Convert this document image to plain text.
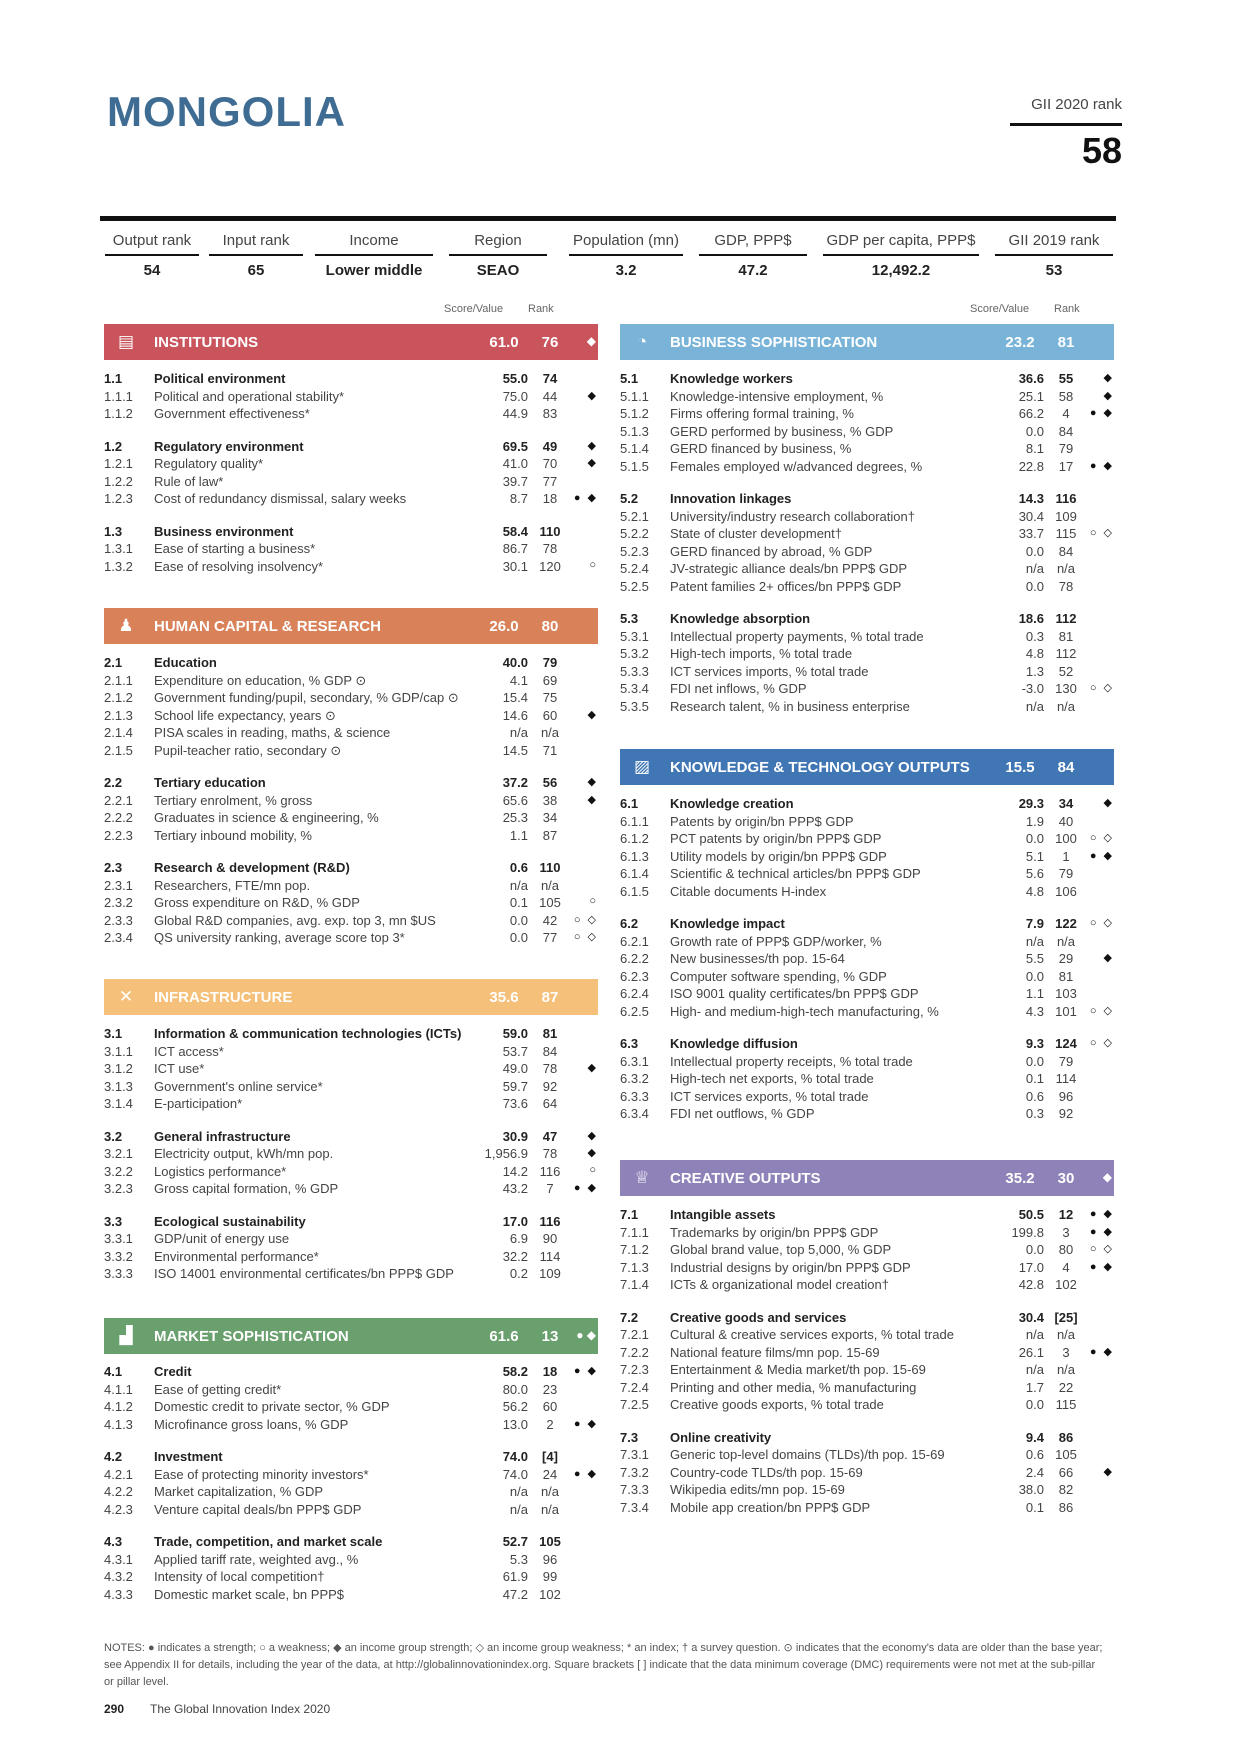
MONGOLIA	GII 2020 rank
58
Output rank
54
Input rank
65
Income
Lower middle
Region
SEAO
Population (mn)
3.2
GDP, PPP$
47.2
GDP per capita, PPP$
12,492.2
GII 2019 rank
53
Score/Value Rank	Score/Value Rank
▤ INSTITUTIONS	61.0	76	◆
1.1	Political environment	55.0	74
1.1.1	Political and operational stability*	75.0	44	◆
1.1.2	Government effectiveness*	44.9	83
1.2	Regulatory environment	69.5	49	◆
1.2.1	Regulatory quality*	41.0	70	◆
1.2.2	Rule of law*	39.7	77
1.2.3	Cost of redundancy dismissal, salary weeks	8.7	18	● ◆
1.3	Business environment	58.4 110
1.3.1	Ease of starting a business*	86.7	78
1.3.2	Ease of resolving insolvency*	30.1 120	○
♟ HUMAN CAPITAL & RESEARCH	26.0	80
2.1	Education	40.0	79
2.1.1	Expenditure on education, % GDP ⊙	4.1	69
2.1.2	Government funding/pupil, secondary, % GDP/cap ⊙	15.4	75
2.1.3	School life expectancy, years ⊙	14.6	60	◆
2.1.4	PISA scales in reading, maths, & science	n/a n/a
2.1.5	Pupil-teacher ratio, secondary ⊙	14.5	71
2.2	Tertiary education	37.2	56	◆
2.2.1	Tertiary enrolment, % gross	65.6	38	◆
2.2.2	Graduates in science & engineering, %	25.3	34
2.2.3	Tertiary inbound mobility, %	1.1	87
2.3	Research & development (R&D)	0.6 110
2.3.1	Researchers, FTE/mn pop.	n/a n/a
2.3.2	Gross expenditure on R&D, % GDP	0.1 105	○
2.3.3	Global R&D companies, avg. exp. top 3, mn $US	0.0	42	○ ◇
2.3.4	QS university ranking, average score top 3*	0.0	77	○ ◇
✕ INFRASTRUCTURE	35.6	87
3.1	Information & communication technologies (ICTs)	59.0	81
3.1.1	ICT access*	53.7	84
3.1.2	ICT use*	49.0	78	◆
3.1.3	Government's online service*	59.7	92
3.1.4	E-participation*	73.6	64
3.2	General infrastructure	30.9	47	◆
3.2.1	Electricity output, kWh/mn pop.	1,956.9	78	◆
3.2.2	Logistics performance*	14.2 116	○
3.2.3	Gross capital formation, % GDP	43.2	7	● ◆
3.3	Ecological sustainability	17.0 116
3.3.1	GDP/unit of energy use	6.9	90
3.3.2	Environmental performance*	32.2 114
3.3.3	ISO 14001 environmental certificates/bn PPP$ GDP	0.2 109
▟ MARKET SOPHISTICATION	61.6	13	● ◆
4.1	Credit	58.2	18	● ◆
4.1.1	Ease of getting credit*	80.0	23
4.1.2	Domestic credit to private sector, % GDP	56.2	60
4.1.3	Microfinance gross loans, % GDP	13.0	2	● ◆
4.2	Investment	74.0	[4]
4.2.1	Ease of protecting minority investors*	74.0	24	● ◆
4.2.2	Market capitalization, % GDP	n/a n/a
4.2.3	Venture capital deals/bn PPP$ GDP	n/a n/a
4.3	Trade, competition, and market scale	52.7 105
4.3.1	Applied tariff rate, weighted avg., %	5.3	96
4.3.2	Intensity of local competition†	61.9	99
4.3.3	Domestic market scale, bn PPP$	47.2 102
◔	BUSINESS SOPHISTICATION	23.2	81
5.1	Knowledge workers	36.6	55	◆
5.1.1	Knowledge-intensive employment, %	25.1	58	◆
5.1.2	Firms offering formal training, %	66.2	4	● ◆
5.1.3	GERD performed by business, % GDP	0.0	84
5.1.4	GERD financed by business, %	8.1	79
5.1.5	Females employed w/advanced degrees, %	22.8	17	● ◆
5.2	Innovation linkages	14.3 116
5.2.1	University/industry research collaboration†	30.4 109
5.2.2	State of cluster development†	33.7 115	○ ◇
5.2.3	GERD financed by abroad, % GDP	0.0	84
5.2.4	JV-strategic alliance deals/bn PPP$ GDP	n/a n/a
5.2.5	Patent families 2+ offices/bn PPP$ GDP	0.0	78
5.3	Knowledge absorption	18.6 112
5.3.1	Intellectual property payments, % total trade	0.3	81
5.3.2	High-tech imports, % total trade	4.8 112
5.3.3	ICT services imports, % total trade	1.3	52
5.3.4	FDI net inflows, % GDP	-3.0 130	○ ◇
5.3.5	Research talent, % in business enterprise	n/a n/a
▨ KNOWLEDGE & TECHNOLOGY OUTPUTS	15.5	84
6.1	Knowledge creation	29.3	34	◆
6.1.1	Patents by origin/bn PPP$ GDP	1.9	40
6.1.2	PCT patents by origin/bn PPP$ GDP	0.0 100	○ ◇
6.1.3	Utility models by origin/bn PPP$ GDP	5.1	1	● ◆
6.1.4	Scientific & technical articles/bn PPP$ GDP	5.6	79
6.1.5	Citable documents H-index	4.8 106
6.2	Knowledge impact	7.9 122	○ ◇
6.2.1	Growth rate of PPP$ GDP/worker, %	n/a n/a
6.2.2	New businesses/th pop. 15-64	5.5	29	◆
6.2.3	Computer software spending, % GDP	0.0	81
6.2.4	ISO 9001 quality certificates/bn PPP$ GDP	1.1 103
6.2.5	High- and medium-high-tech manufacturing, %	4.3 101	○ ◇
6.3	Knowledge diffusion	9.3 124	○ ◇
6.3.1	Intellectual property receipts, % total trade	0.0	79
6.3.2	High-tech net exports, % total trade	0.1 114
6.3.3	ICT services exports, % total trade	0.6	96
6.3.4	FDI net outflows, % GDP	0.3	92
♕ CREATIVE OUTPUTS	35.2	30	◆
7.1	Intangible assets	50.5	12	● ◆
7.1.1	Trademarks by origin/bn PPP$ GDP	199.8	3	● ◆
7.1.2	Global brand value, top 5,000, % GDP	0.0	80	○ ◇
7.1.3	Industrial designs by origin/bn PPP$ GDP	17.0	4	● ◆
7.1.4	ICTs & organizational model creation†	42.8 102
7.2	Creative goods and services	30.4 [25]
7.2.1	Cultural & creative services exports, % total trade	n/a n/a
7.2.2	National feature films/mn pop. 15-69	26.1	3	● ◆
7.2.3	Entertainment & Media market/th pop. 15-69	n/a n/a
7.2.4	Printing and other media, % manufacturing	1.7	22
7.2.5	Creative goods exports, % total trade	0.0 115
7.3	Online creativity	9.4	86
7.3.1	Generic top-level domains (TLDs)/th pop. 15-69	0.6 105
7.3.2	Country-code TLDs/th pop. 15-69	2.4	66	◆
7.3.3	Wikipedia edits/mn pop. 15-69	38.0	82
7.3.4	Mobile app creation/bn PPP$ GDP	0.1	86
NOTES: ● indicates a strength; ○ a weakness; ◆ an income group strength; ◇ an income group weakness; * an index; † a survey question. ⊙ indicates that the economy's data are older than the base year; see Appendix II for details, including the year of the data, at http://globalinnovationindex.org. Square brackets [ ] indicate that the data minimum coverage (DMC) requirements were not met at the sub-pillar or pillar level.
290 The Global Innovation Index 2020
